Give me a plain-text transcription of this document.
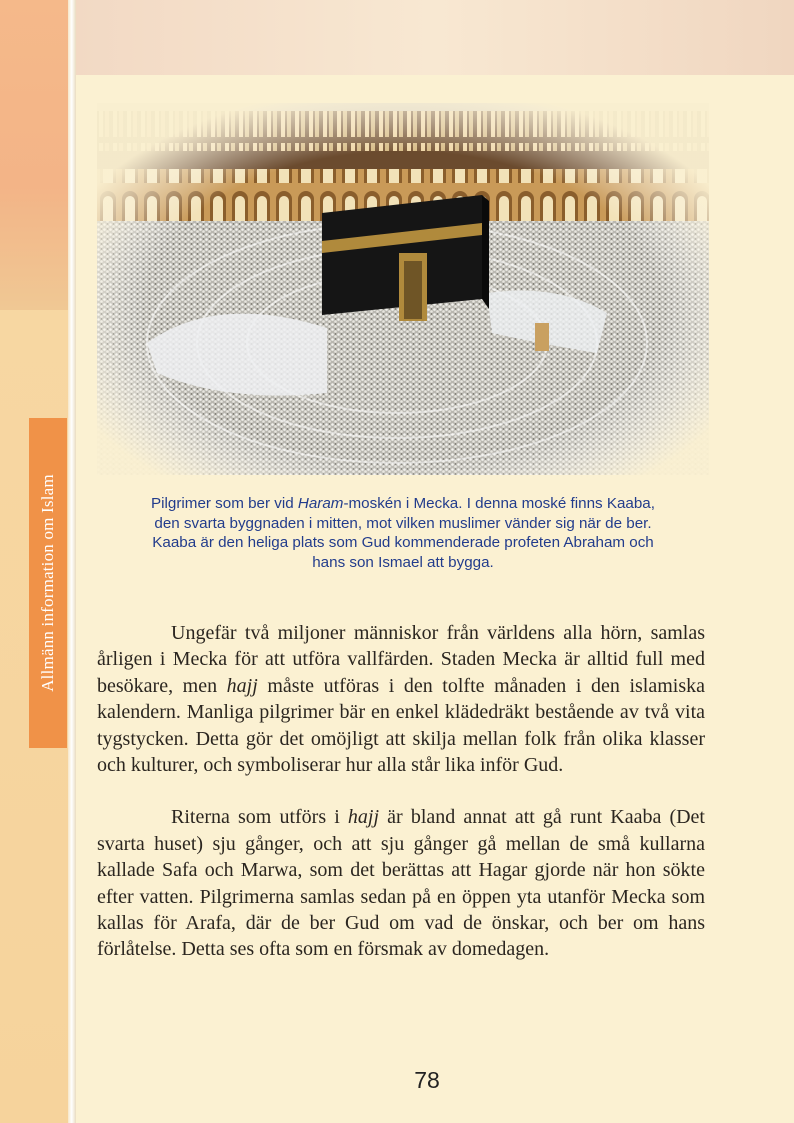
Allmänn information om Islam	Pilgrimer som ber vid Haram-moskén i Mecka. I denna moské finns Kaaba,

den svarta byggnaden i mitten, mot vilken muslimer vänder sig när de ber.

Kaaba är den heliga plats som Gud kommenderade profeten Abraham och

hans son Ismael att bygga.

Ungefär två miljoner människor från världens alla hörn, samlas årligen i Mecka för att utföra vallfärden. Staden Mecka är alltid full med besökare, men hajj måste utföras i den tolfte månaden i den islamiska kalendern. Manliga pilgrimer bär en enkel klädedräkt bestående av två vita tygstycken. Detta gör det omöjligt att skilja mellan folk från olika klasser och kulturer, och symboliserar hur alla står lika inför Gud.

Riterna som utförs i hajj är bland annat att gå runt Kaaba (Det svarta huset) sju gånger, och att sju gånger gå mellan de små kullarna kallade Safa och Marwa, som det berättas att Hagar gjorde när hon sökte efter vatten. Pilgrimerna samlas sedan på en öppen yta utanför Mecka som kallas för Arafa, där de ber Gud om vad de önskar, och ber om hans förlåtelse. Detta ses ofta som en försmak av domedagen.

78
